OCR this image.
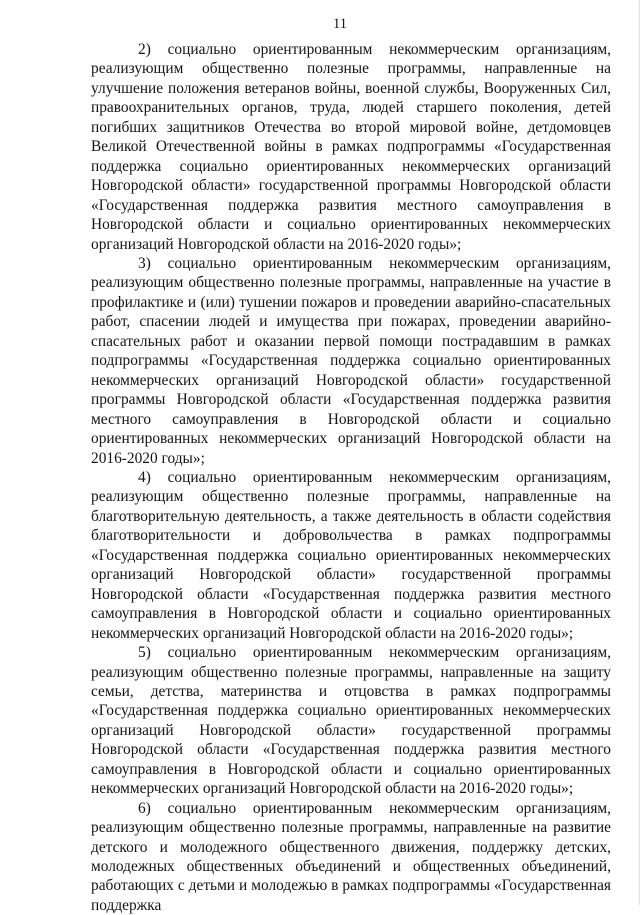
11

2) социально ориентированным некоммерческим организациям, реализующим общественно полезные программы, направленные на улучшение положения ветеранов войны, военной службы, Вооруженных Сил, правоохранительных органов, труда, людей старшего поколения, детей погибших защитников Отечества во второй мировой войне, детдомовцев Великой Отечественной войны в рамках подпрограммы «Государственная поддержка социально ориентированных некоммерческих организаций Новгородской области» государственной программы Новгородской области «Государственная поддержка развития местного самоуправления в Новгородской области и социально ориентированных некоммерческих организаций Новгородской области на 2016-2020 годы»;

3) социально ориентированным некоммерческим организациям, реализующим общественно полезные программы, направленные на участие в профилактике и (или) тушении пожаров и проведении аварийно-спасательных работ, спасении людей и имущества при пожарах, проведении аварийно-спасательных работ и оказании первой помощи пострадавшим в рамках подпрограммы «Государственная поддержка социально ориентированных некоммерческих организаций Новгородской области» государственной программы Новгородской области «Государственная поддержка развития местного самоуправления в Новгородской области и социально ориентированных некоммерческих организаций Новгородской области на 2016-2020 годы»;

4) социально ориентированным некоммерческим организациям, реализующим общественно полезные программы, направленные на благотворительную деятельность, а также деятельность в области содействия благотворительности и добровольчества в рамках подпрограммы «Государственная поддержка социально ориентированных некоммерческих организаций Новгородской области» государственной программы Новгородской области «Государственная поддержка развития местного самоуправления в Новгородской области и социально ориентированных некоммерческих организаций Новгородской области на 2016-2020 годы»;

5) социально ориентированным некоммерческим организациям, реализующим общественно полезные программы, направленные на защиту семьи, детства, материнства и отцовства в рамках подпрограммы «Государственная поддержка социально ориентированных некоммерческих организаций Новгородской области» государственной программы Новгородской области «Государственная поддержка развития местного самоуправления в Новгородской области и социально ориентированных некоммерческих организаций Новгородской области на 2016-2020 годы»;

6) социально ориентированным некоммерческим организациям, реализующим общественно полезные программы, направленные на развитие детского и молодежного общественного движения, поддержку детских, молодежных общественных объединений и общественных объединений, работающих с детьми и молодежью в рамках подпрограммы «Государственная поддержка
